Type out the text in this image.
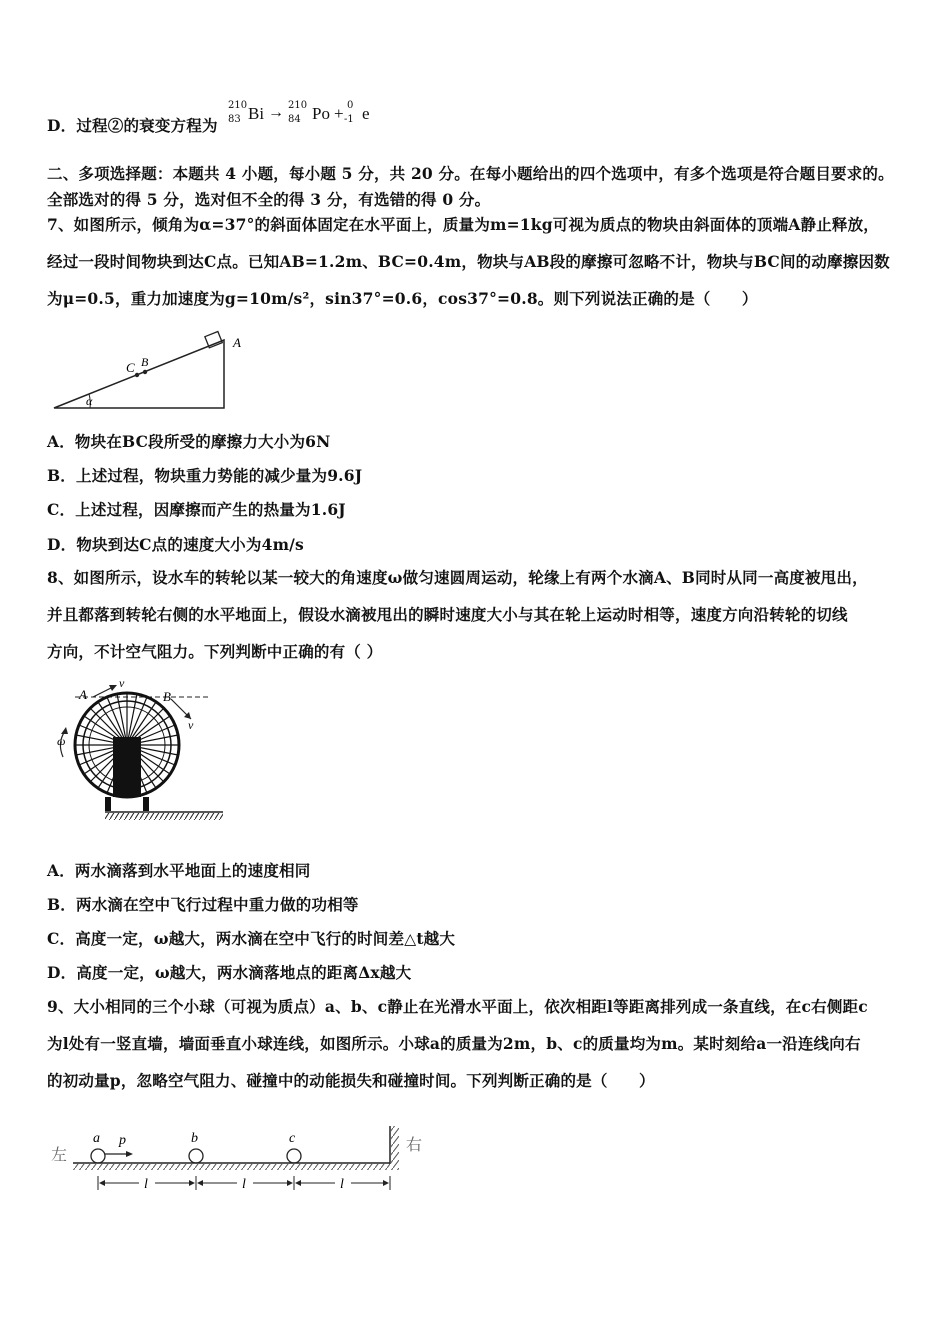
D．过程②的衰变方程为
210
83 Bi → 210
84 Po + 0
-1 e
二、多项选择题：本题共 4 小题，每小题 5 分，共 20 分。在每小题给出的四个选项中，有多个选项是符合题目要求的。
全部选对的得 5 分，选对但不全的得 3 分，有选错的得 0 分。
7、如图所示，倾角为α=37°的斜面体固定在水平面上，质量为m=1kg可视为质点的物块由斜面体的顶端A静止释放，
经过一段时间物块到达C点。已知AB=1.2m、BC=0.4m，物块与AB段的摩擦可忽略不计，物块与BC间的动摩擦因数
为μ=0.5，重力加速度为g=10m/s²，sin37°=0.6，cos37°=0.8。则下列说法正确的是（　　）
A
B
C
α
A．物块在BC段所受的摩擦力大小为6N
B．上述过程，物块重力势能的减少量为9.6J
C．上述过程，因摩擦而产生的热量为1.6J
D．物块到达C点的速度大小为4m/s
8、如图所示，设水车的转轮以某一较大的角速度ω做匀速圆周运动，轮缘上有两个水滴A、B同时从同一高度被甩出，
并且都落到转轮右侧的水平地面上，假设水滴被甩出的瞬时速度大小与其在轮上运动时相等，速度方向沿转轮的切线
方向，不计空气阻力。下列判断中正确的有（ ）
A	B
v
v
ω
A．两水滴落到水平地面上的速度相同
B．两水滴在空中飞行过程中重力做的功相等
C．高度一定，ω越大，两水滴在空中飞行的时间差△t越大
D．高度一定，ω越大，两水滴落地点的距离Δx越大
9、大小相同的三个小球（可视为质点）a、b、c静止在光滑水平面上，依次相距l等距离排列成一条直线，在c右侧距c
为l处有一竖直墙，墙面垂直小球连线，如图所示。小球a的质量为2m，b、c的质量均为m。某时刻给a一沿连线向右
的初动量p，忽略空气阻力、碰撞中的动能损失和碰撞时间。下列判断正确的是（　　）
左
右
a	b	c
p
l	l	l
